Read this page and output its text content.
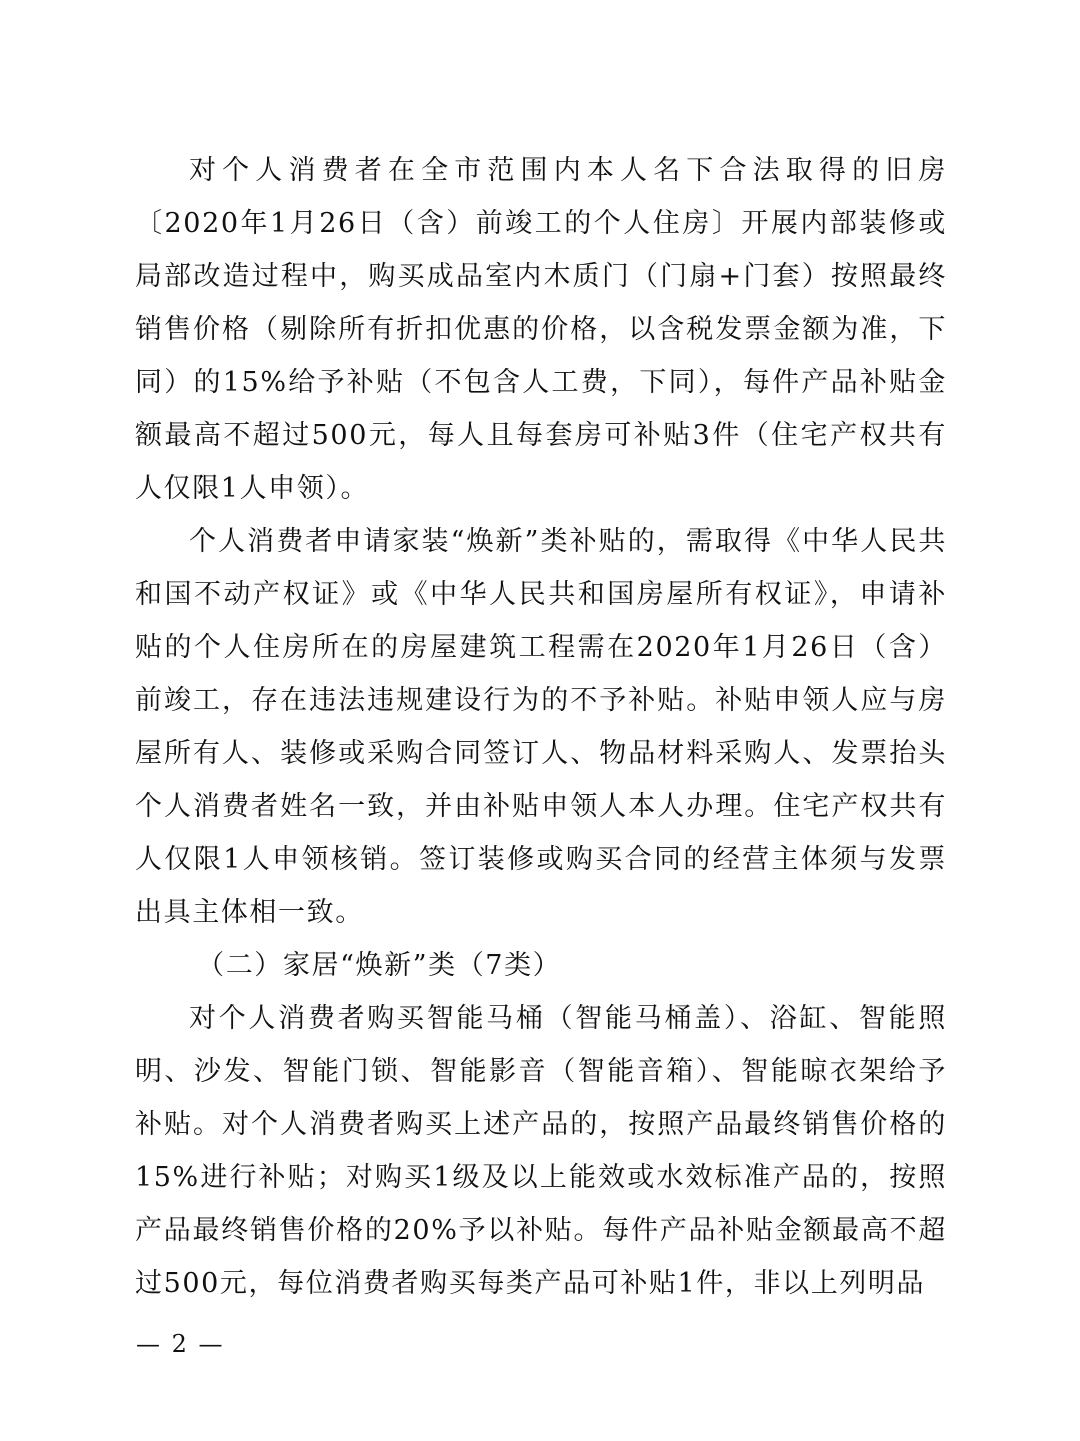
对个人消费者在全市范围内本人名下合法取得的旧房〔2020年1月26日（含）前竣工的个人住房〕开展内部装修或局部改造过程中，购买成品室内木质门（门扇+门套）按照最终销售价格（剔除所有折扣优惠的价格，以含税发票金额为准，下同）的15%给予补贴（不包含人工费，下同），每件产品补贴金额最高不超过500元，每人且每套房可补贴3件（住宅产权共有人仅限1人申领）。

个人消费者申请家装“焕新”类补贴的，需取得《中华人民共和国不动产权证》或《中华人民共和国房屋所有权证》，申请补贴的个人住房所在的房屋建筑工程需在2020年1月26日（含）前竣工，存在违法违规建设行为的不予补贴。补贴申领人应与房屋所有人、装修或采购合同签订人、物品材料采购人、发票抬头个人消费者姓名一致，并由补贴申领人本人办理。住宅产权共有人仅限1人申领核销。签订装修或购买合同的经营主体须与发票出具主体相一致。

（二）家居“焕新”类（7类）

对个人消费者购买智能马桶（智能马桶盖）、浴缸、智能照明、沙发、智能门锁、智能影音（智能音箱）、智能晾衣架给予补贴。对个人消费者购买上述产品的，按照产品最终销售价格的15%进行补贴；对购买1级及以上能效或水效标准产品的，按照产品最终销售价格的20%予以补贴。每件产品补贴金额最高不超过500元，每位消费者购买每类产品可补贴1件，非以上列明品

— 2 —
